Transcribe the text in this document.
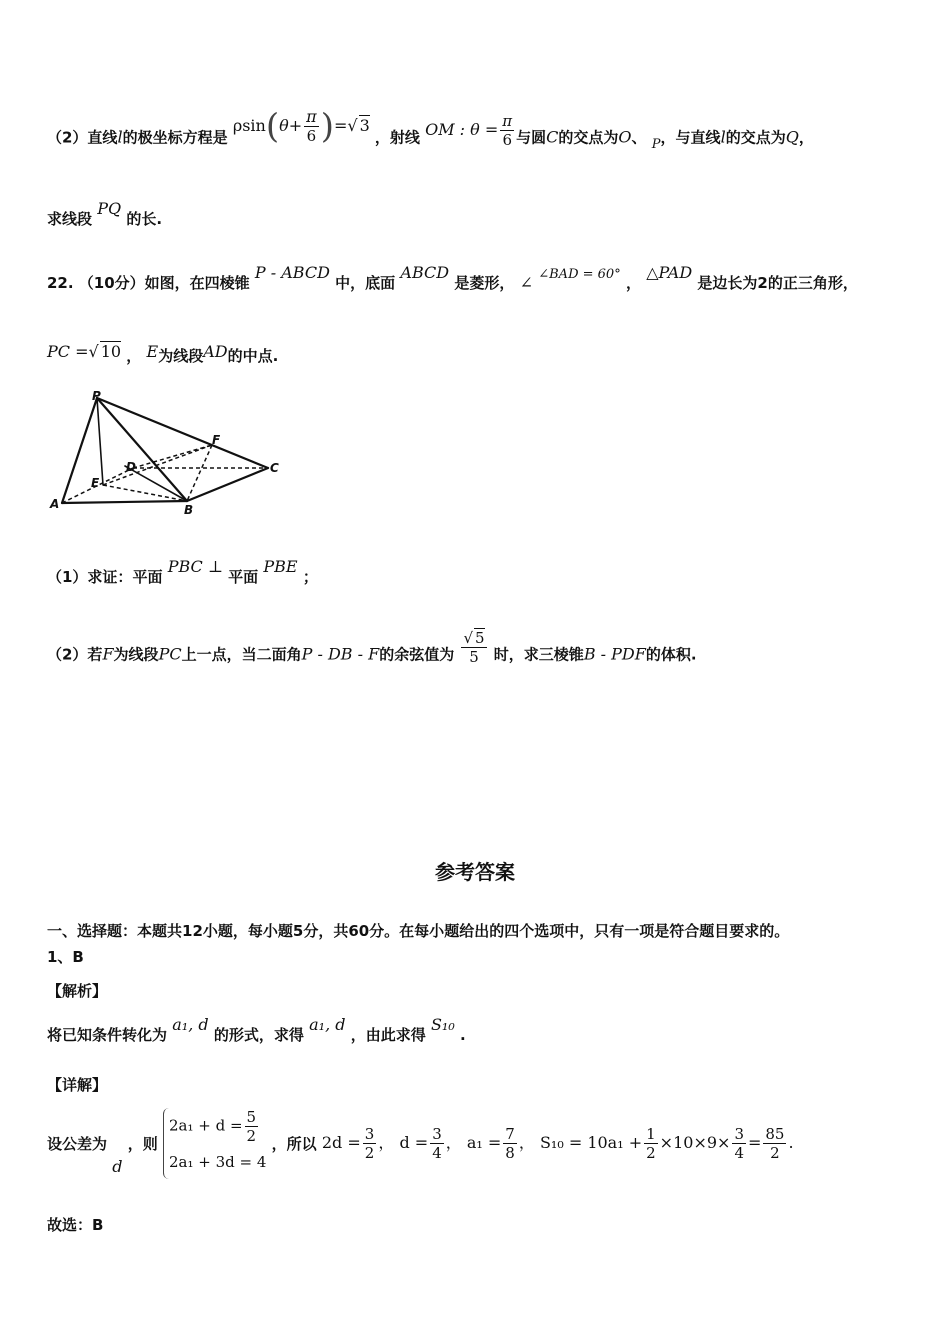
（2）直线l的极坐标方程是 $\rho\sin(\theta+ \frac{\pi}{6}$ )=√ 3 ，射线 OM : $\theta = \frac{\pi}{6}$ 与圆C的交点为O、 P，与直线l的交点为Q，
求线段 PQ 的长.
22. （10分）如图，在四棱锥 P - ABCD 中，底面 ABCD 是菱形， ∠ ∠BAD = 60° ， △PAD 是边长为2的正三角形，
PC =√ 10 ， E为线段AD的中点.
P
F
D	C
E
A	B
（1）求证：平面 PBC ⊥ 平面 PBE ；
（2）若F为线段PC上一点，当二面角P - DB - F的余弦值为 $\frac{√ 5}{5}$ 时，求三棱锥B - PDF的体积.
参考答案
一、选择题：本题共12小题，每小题5分，共60分。在每小题给出的四个选项中，只有一项是符合题目要求的。
1、B
【解析】
将已知条件转化为 a₁, d 的形式，求得 a₁, d ，由此求得 S₁₀ .
【详解】
设公差为 d ，则
$2a_1 + d = \frac{5}{2}$
2a₁ + 3d = 4
，所以 $2d = \frac{3}{2}$ ， $d = \frac{3}{4}$ ， $a_1 = \frac{7}{8}$ ， $S_{10} = 10a_1 + \frac{1}{2} \times 10\times 9\times \frac{3}{4} = \frac{85}{2}$ .
故选：B
